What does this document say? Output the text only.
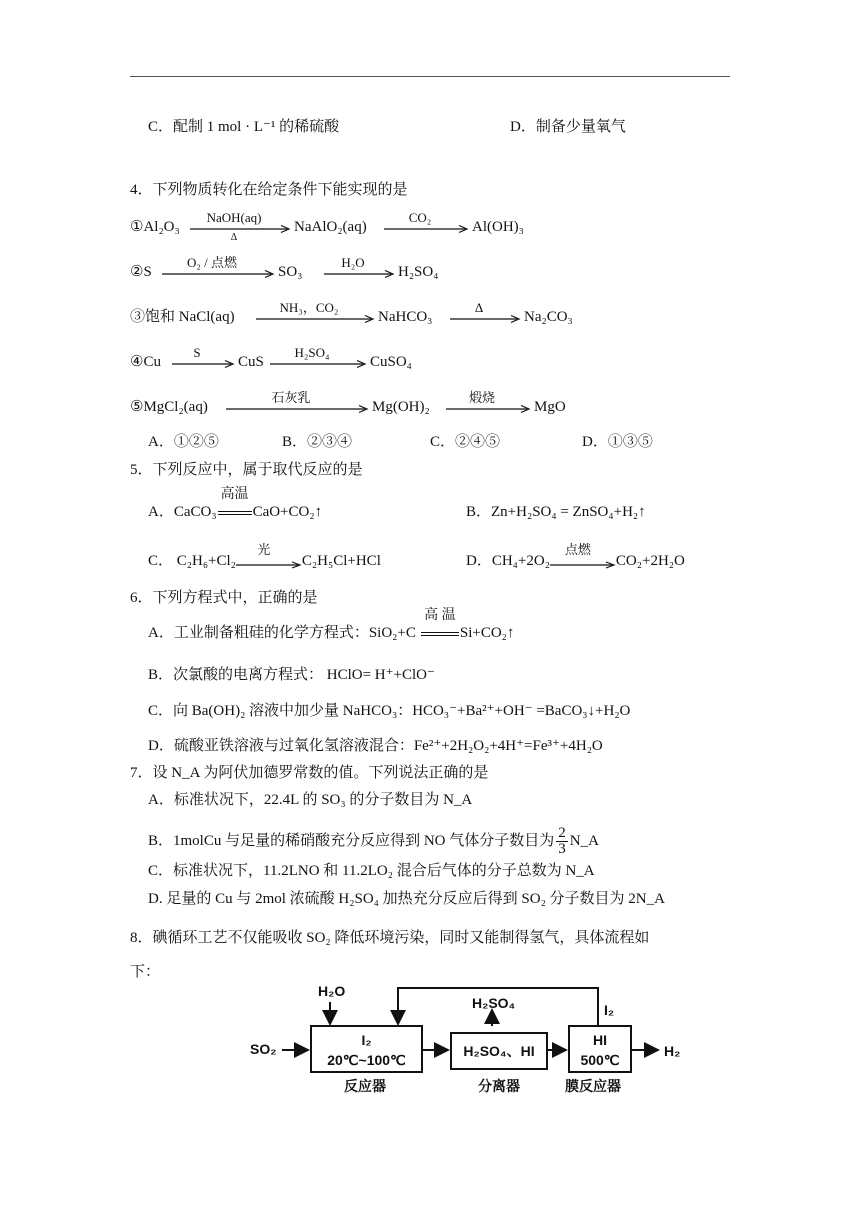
C．配制 1 mol · L⁻¹ 的稀硫酸	D．制备少量氧气
4．下列物质转化在给定条件下能实现的是
①Al₂O₃
NaOH(aq)
Δ
NaAlO₂(aq)
CO₂
Al(OH)₃
②S
O₂ / 点燃
SO₃
H₂O
H₂SO₄
③饱和 NaCl(aq)
NH₃，CO₂
NaHCO₃
Δ
Na₂CO₃
④Cu
S
CuS
H₂SO₄
CuSO₄
⑤MgCl₂(aq)
石灰乳
Mg(OH)₂
煅烧
MgO
A．①②⑤	B．②③④	C．②④⑤	D．①③⑤
5．下列反应中，属于取代反应的是
A．CaCO₃
高温
CaO+CO₂↑	B．Zn+H₂SO₄ = ZnSO₄+H₂↑
C． C₂H₆+Cl₂
光
C₂H₅Cl+HCl	D．CH₄+2O₂
点燃
CO₂+2H₂O
6．下列方程式中，正确的是
A．工业制备粗硅的化学方程式：SiO₂+C
高 温
Si+CO₂↑
B．次氯酸的电离方程式： HClO= H⁺+ClO⁻
C．向 Ba(OH)₂ 溶液中加少量 NaHCO₃：HCO₃⁻+Ba²⁺+OH⁻ =BaCO₃↓+H₂O
D．硫酸亚铁溶液与过氧化氢溶液混合：Fe²⁺+2H₂O₂+4H⁺=Fe³⁺+4H₂O
7．设 N_A 为阿伏加德罗常数的值。下列说法正确的是
A．标准状况下，22.4L 的 SO₃ 的分子数目为 N_A
B．1molCu 与足量的稀硝酸充分反应得到 NO 气体分子数目为 $\frac{2}{3}$ N_A
C．标准状况下，11.2LNO 和 11.2LO₂ 混合后气体的分子总数为 N_A
D. 足量的 Cu 与 2mol 浓硫酸 H₂SO₄ 加热充分反应后得到 SO₂ 分子数目为 2N_A
8．碘循环工艺不仅能吸收 SO₂ 降低环境污染，同时又能制得氢气，具体流程如
下：
SO₂
H₂O
H₂SO₄	I₂
H₂
I₂
20℃~100℃
反应器
H₂SO₄、HI
分离器
HI
500℃
膜反应器
